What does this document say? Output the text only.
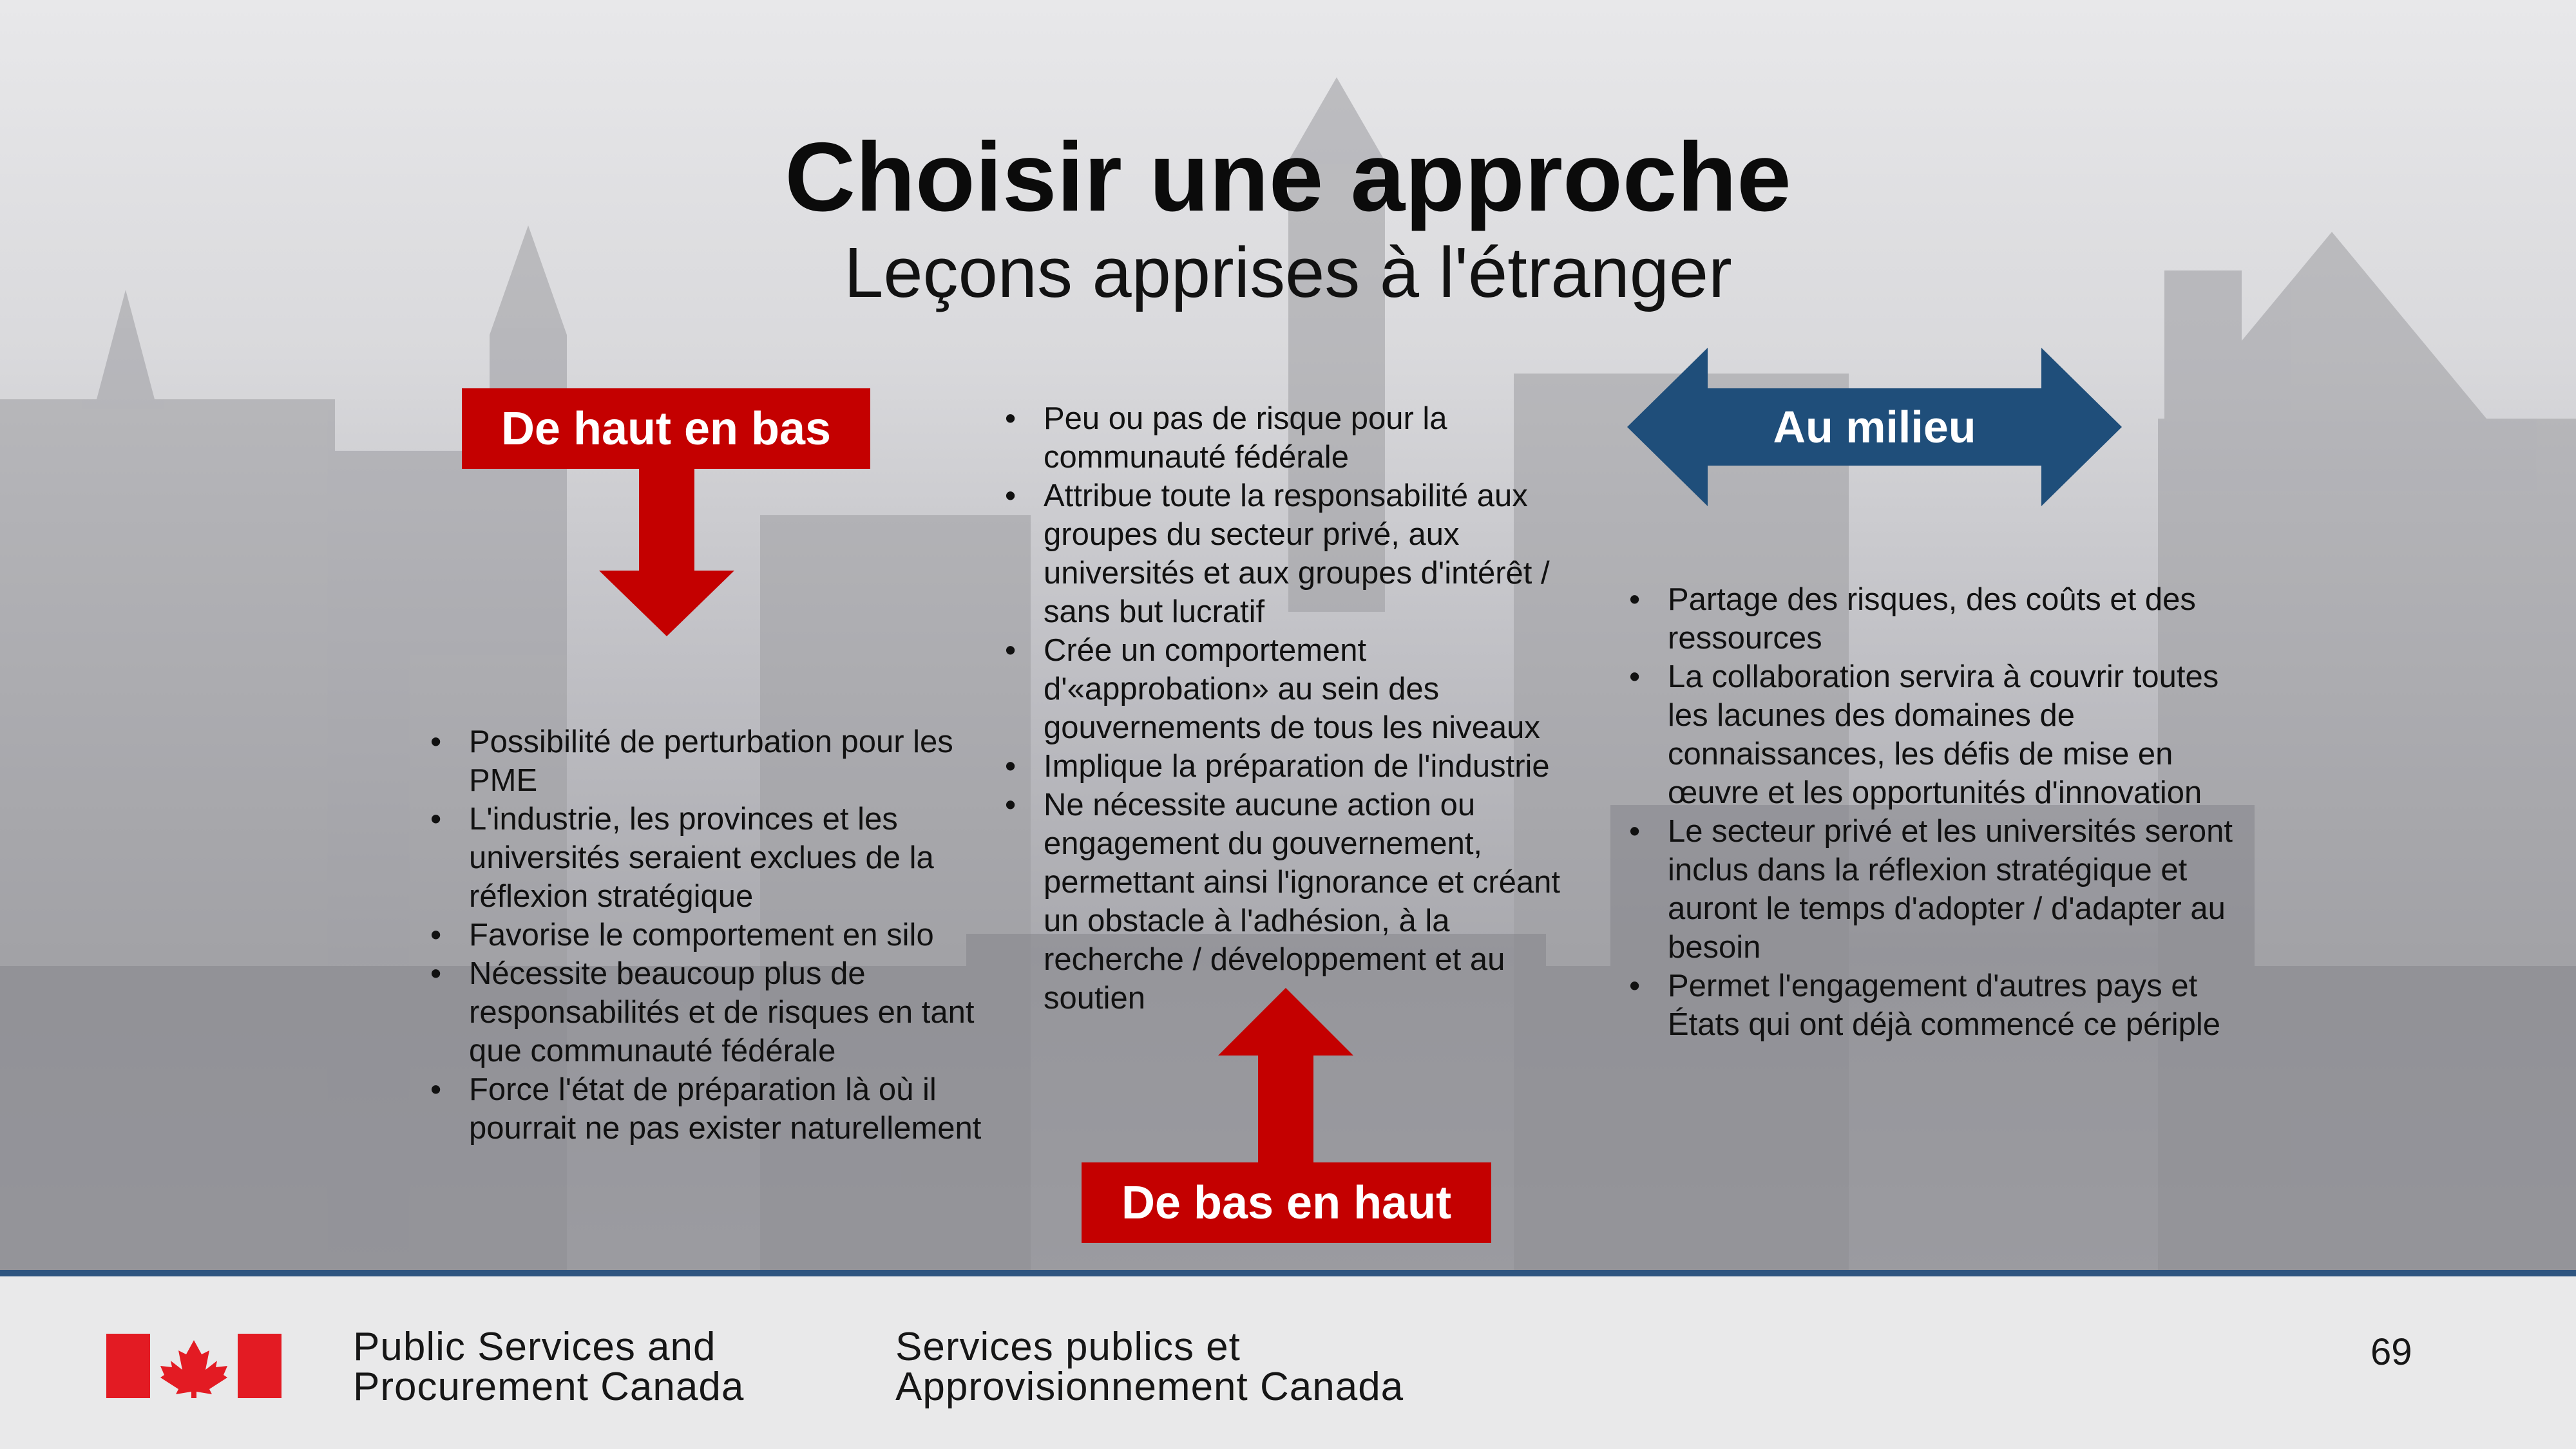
Choisir une approche
Leçons apprises à l'étranger
De haut en bas
De bas en haut
Au milieu
• Possibilité de perturbation pour les PME
• L'industrie, les provinces et les universités seraient exclues de la réflexion stratégique
• Favorise le comportement en silo
• Nécessite beaucoup plus de responsabilités et de risques en tant que communauté fédérale
• Force l'état de préparation là où il pourrait ne pas exister naturellement
• Peu ou pas de risque pour la communauté fédérale
• Attribue toute la responsabilité aux groupes du secteur privé, aux universités et aux groupes d'intérêt / sans but lucratif
• Crée un comportement d'«approbation» au sein des gouvernements de tous les niveaux
• Implique la préparation de l'industrie
• Ne nécessite aucune action ou engagement du gouvernement, permettant ainsi l'ignorance et créant un obstacle à l'adhésion, à la recherche / développement et au soutien
• Partage des risques, des coûts et des ressources
• La collaboration servira à couvrir toutes les lacunes des domaines de connaissances, les défis de mise en œuvre et les opportunités d'innovation
• Le secteur privé et les universités seront inclus dans la réflexion stratégique et auront le temps d'adopter / d'adapter au besoin
• Permet l'engagement d'autres pays et États qui ont déjà commencé ce périple
Public Services and
Procurement Canada
Services publics et
Approvisionnement Canada
69
